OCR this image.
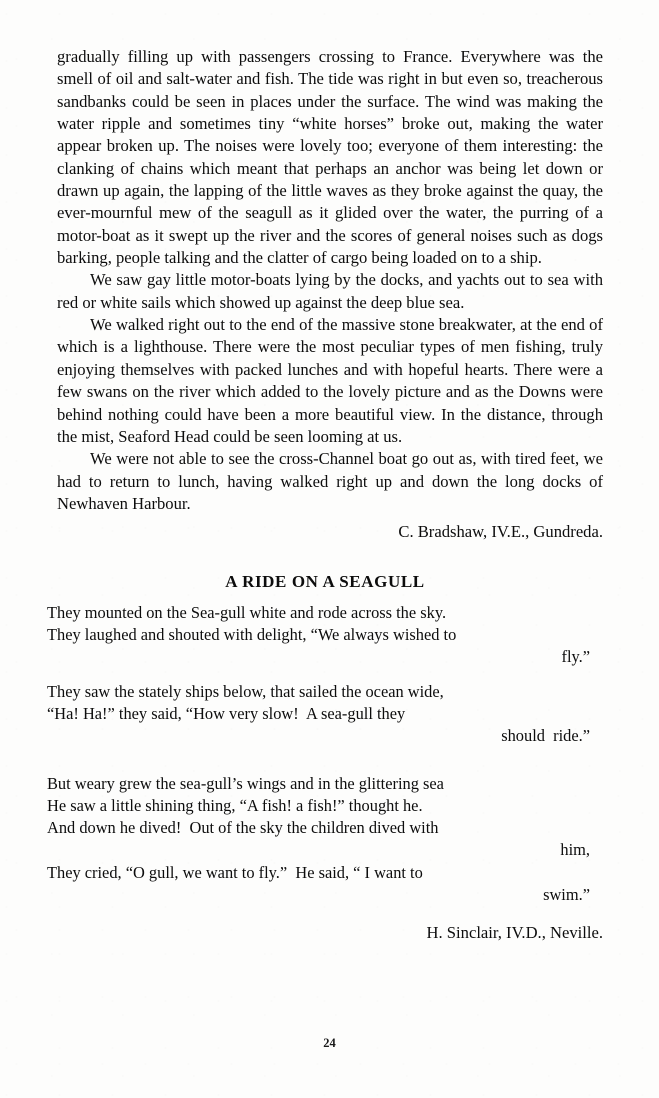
gradually filling up with passengers crossing to France. Everywhere was the smell of oil and salt-water and fish. The tide was right in but even so, treacherous sandbanks could be seen in places under the surface. The wind was making the water ripple and sometimes tiny “white horses” broke out, making the water appear broken up. The noises were lovely too; everyone of them interesting: the clanking of chains which meant that perhaps an anchor was being let down or drawn up again, the lapping of the little waves as they broke against the quay, the ever-mournful mew of the seagull as it glided over the water, the purring of a motor-boat as it swept up the river and the scores of general noises such as dogs barking, people talking and the clatter of cargo being loaded on to a ship.

We saw gay little motor-boats lying by the docks, and yachts out to sea with red or white sails which showed up against the deep blue sea.

We walked right out to the end of the massive stone breakwater, at the end of which is a lighthouse. There were the most peculiar types of men fishing, truly enjoying themselves with packed lunches and with hopeful hearts. There were a few swans on the river which added to the lovely picture and as the Downs were behind nothing could have been a more beautiful view. In the distance, through the mist, Seaford Head could be seen looming at us.

We were not able to see the cross-Channel boat go out as, with tired feet, we had to return to lunch, having walked right up and down the long docks of Newhaven Harbour.

C. Bradshaw, IV.E., Gundreda.

A RIDE ON A SEAGULL
They mounted on the Sea-gull white and rode across the sky.
They laughed and shouted with delight, “We always wished to
fly.”
They saw the stately ships below, that sailed the ocean wide,
“Ha! Ha!” they said, “How very slow!  A sea-gull they
should  ride.”
But weary grew the sea-gull’s wings and in the glittering sea
He saw a little shining thing, “A fish! a fish!” thought he.
And down he dived!  Out of the sky the children dived with
him,
They cried, “O gull, we want to fly.”  He said, “ I want to
swim.”

H. Sinclair, IV.D., Neville.

24
